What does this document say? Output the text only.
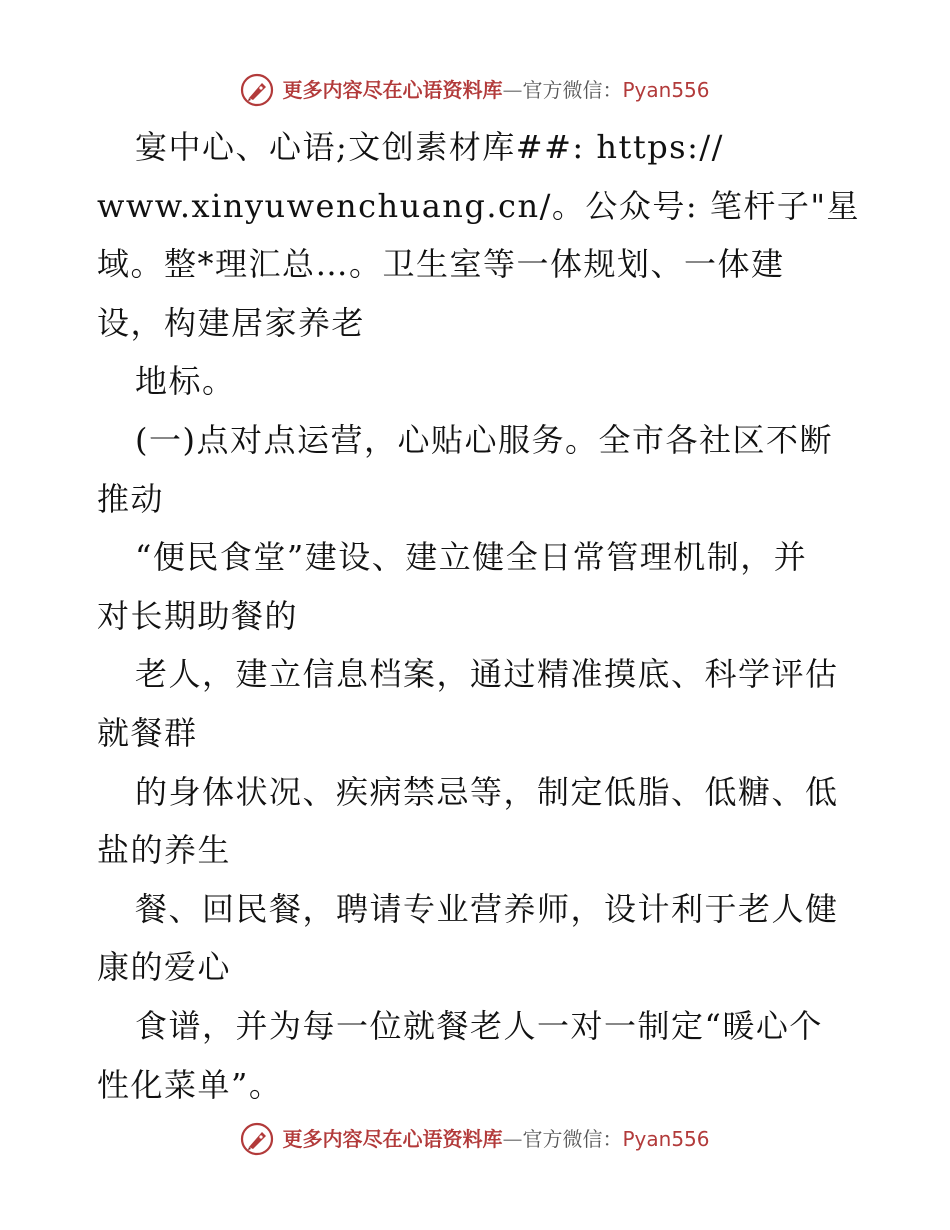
更多内容尽在心语资料库—官方微信：Pyan556
宴中心、心语;文创素材库##: https://
www.xinyuwenchuang.cn/。公众号: 笔杆子"星
域。整*理汇总…。卫生室等一体规划、一体建
设，构建居家养老
地标。
(一)点对点运营，心贴心服务。全市各社区不断
推动
“便民食堂”建设、建立健全日常管理机制，并
对长期助餐的
老人，建立信息档案，通过精准摸底、科学评估
就餐群
的身体状况、疾病禁忌等，制定低脂、低糖、低
盐的养生
餐、回民餐，聘请专业营养师，设计利于老人健
康的爱心
食谱，并为每一位就餐老人一对一制定“暖心个
性化菜单”。
更多内容尽在心语资料库—官方微信：Pyan556
